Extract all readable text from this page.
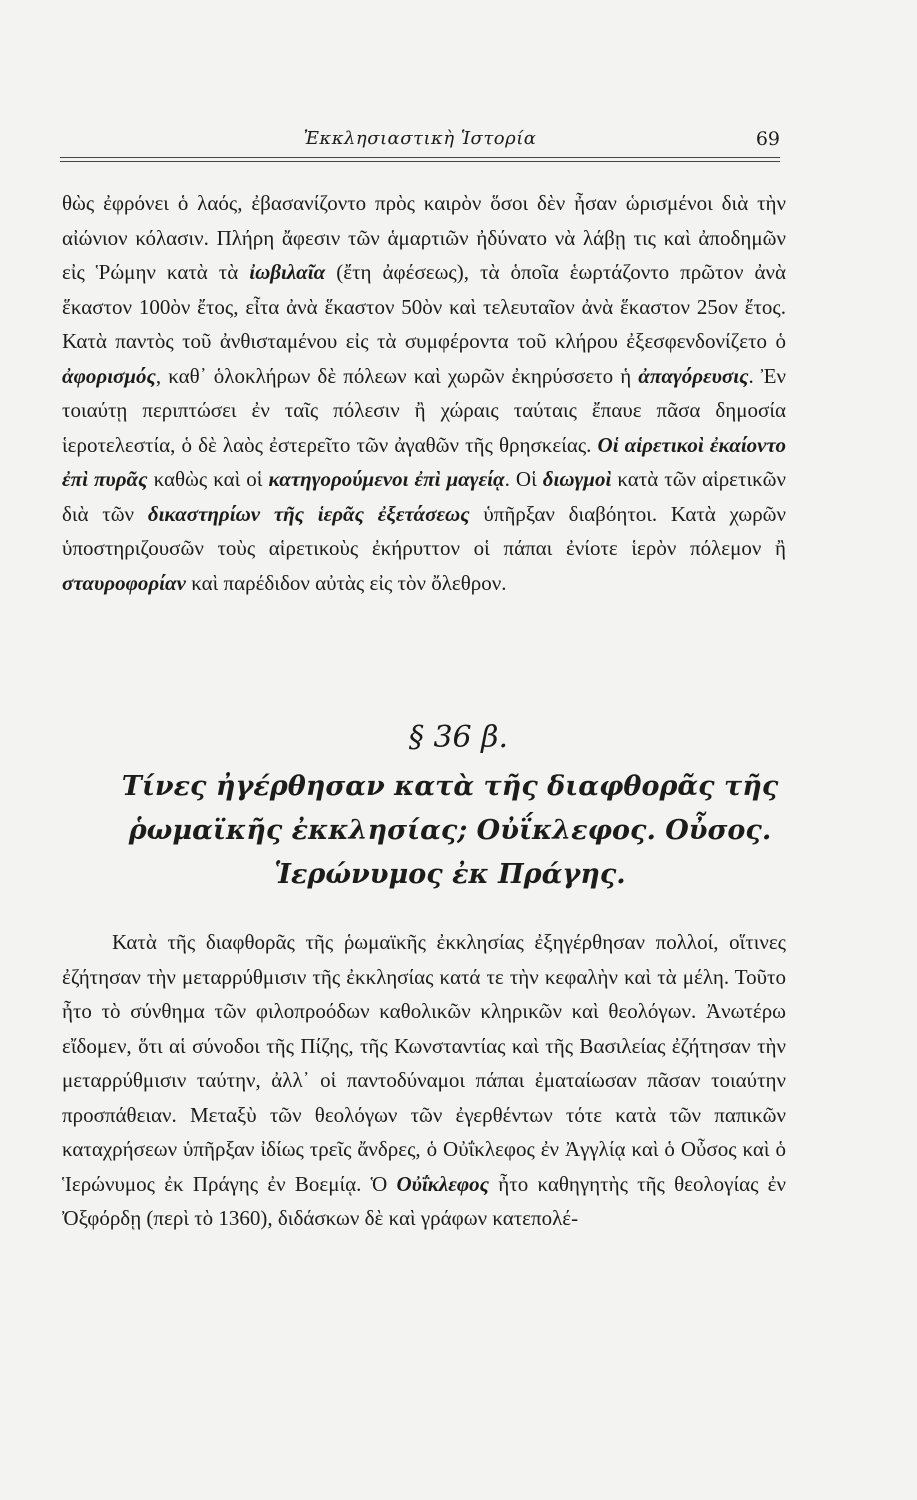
Ἐκκλησιαστικὴ Ἱστορία	69

θὼς ἐφρόνει ὁ λαός, ἐβασανίζοντο πρὸς καιρὸν ὅσοι δὲν ἦσαν ὡρισμένοι διὰ τὴν αἰώνιον κόλασιν. Πλήρη ἄφεσιν τῶν ἁμαρτιῶν ἠδύνατο νὰ λάβῃ τις καὶ ἀποδημῶν εἰς Ῥώμην κατὰ τὰ ἰωβιλαῖα (ἔτη ἀφέσεως), τὰ ὁποῖα ἑωρτάζοντο πρῶτον ἀνὰ ἕκαστον 100ὸν ἔτος, εἶτα ἀνὰ ἕκαστον 50ὸν καὶ τελευταῖον ἀνὰ ἕκαστον 25ον ἔτος. Κατὰ παντὸς τοῦ ἀνθισταμένου εἰς τὰ συμφέροντα τοῦ κλήρου ἐξεσφενδονίζετο ὁ ἀφορισμός, καθ᾿ ὁλοκλήρων δὲ πόλεων καὶ χωρῶν ἐκηρύσσετο ἡ ἀπαγόρευσις. Ἐν τοιαύτῃ περιπτώσει ἐν ταῖς πόλεσιν ἢ χώραις ταύταις ἔπαυε πᾶσα δημοσία ἱεροτελεστία, ὁ δὲ λαὸς ἐστερεῖτο τῶν ἀγαθῶν τῆς θρησκείας. Οἱ αἱρετικοὶ ἐκαίοντο ἐπὶ πυρᾶς καθὼς καὶ οἱ κατηγορούμενοι ἐπὶ μαγείᾳ. Οἱ διωγμοὶ κατὰ τῶν αἱρετικῶν διὰ τῶν δικαστηρίων τῆς ἱερᾶς ἐξετάσεως ὑπῆρξαν διαβόητοι. Κατὰ χωρῶν ὑποστηριζουσῶν τοὺς αἱρετικοὺς ἐκήρυττον οἱ πάπαι ἐνίοτε ἱερὸν πόλεμον ἢ σταυροφορίαν καὶ παρέδιδον αὐτὰς εἰς τὸν ὄλεθρον.

§ 36 β.
Τίνες ἠγέρθησαν κατὰ τῆς διαφθορᾶς τῆς ῥωμαϊκῆς ἐκκλησίας; Οὐΐκλεφος. Οὖσος. Ἱερώνυμος ἐκ Πράγης.

Κατὰ τῆς διαφθορᾶς τῆς ῥωμαϊκῆς ἐκκλησίας ἐξηγέρθησαν πολλοί, οἵτινες ἐζήτησαν τὴν μεταρρύθμισιν τῆς ἐκκλησίας κατά τε τὴν κεφαλὴν καὶ τὰ μέλη. Τοῦτο ἦτο τὸ σύνθημα τῶν φιλοπροόδων καθολικῶν κληρικῶν καὶ θεολόγων. Ἀνωτέρω εἴδομεν, ὅτι αἱ σύνοδοι τῆς Πίζης, τῆς Κωνσταντίας καὶ τῆς Βασιλείας ἐζήτησαν τὴν μεταρρύθμισιν ταύτην, ἀλλ᾿ οἱ παντοδύναμοι πάπαι ἐματαίωσαν πᾶσαν τοιαύτην προσπάθειαν. Μεταξὺ τῶν θεολόγων τῶν ἐγερθέντων τότε κατὰ τῶν παπικῶν καταχρήσεων ὑπῆρξαν ἰδίως τρεῖς ἄνδρες, ὁ Οὐΐκλεφος ἐν Ἀγγλίᾳ καὶ ὁ Οὖσος καὶ ὁ Ἱερώνυμος ἐκ Πράγης ἐν Βοεμίᾳ. Ὁ Οὐΐκλεφος ἦτο καθηγητὴς τῆς θεολογίας ἐν Ὀξφόρδῃ (περὶ τὸ 1360), διδάσκων δὲ καὶ γράφων κατεπολέ-
